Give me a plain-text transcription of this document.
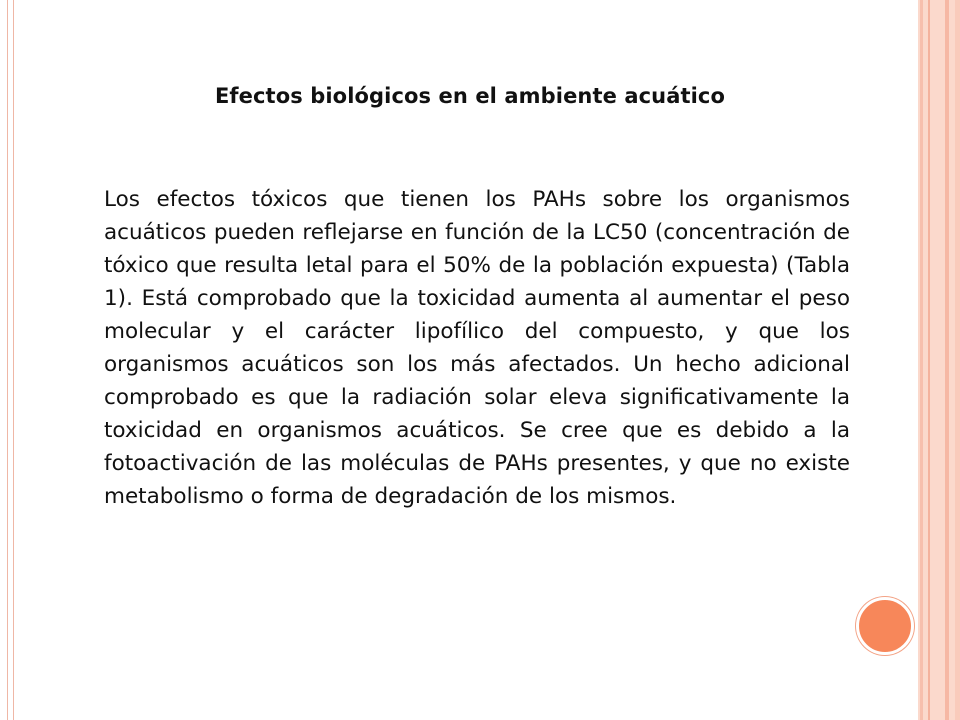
Efectos biológicos en el ambiente acuático

Los efectos tóxicos que tienen los PAHs sobre los organismos acuáticos pueden reflejarse en función de la LC50 (concentración de tóxico que resulta letal para el 50% de la población expuesta) (Tabla 1). Está comprobado que la toxicidad aumenta al aumentar el peso molecular y el carácter lipofílico del compuesto, y que los organismos acuáticos son los más afectados. Un hecho adicional comprobado es que la radiación solar eleva significativamente la toxicidad en organismos acuáticos. Se cree que es debido a la fotoactivación de las moléculas de PAHs presentes, y que no existe metabolismo o forma de degradación de los mismos.
